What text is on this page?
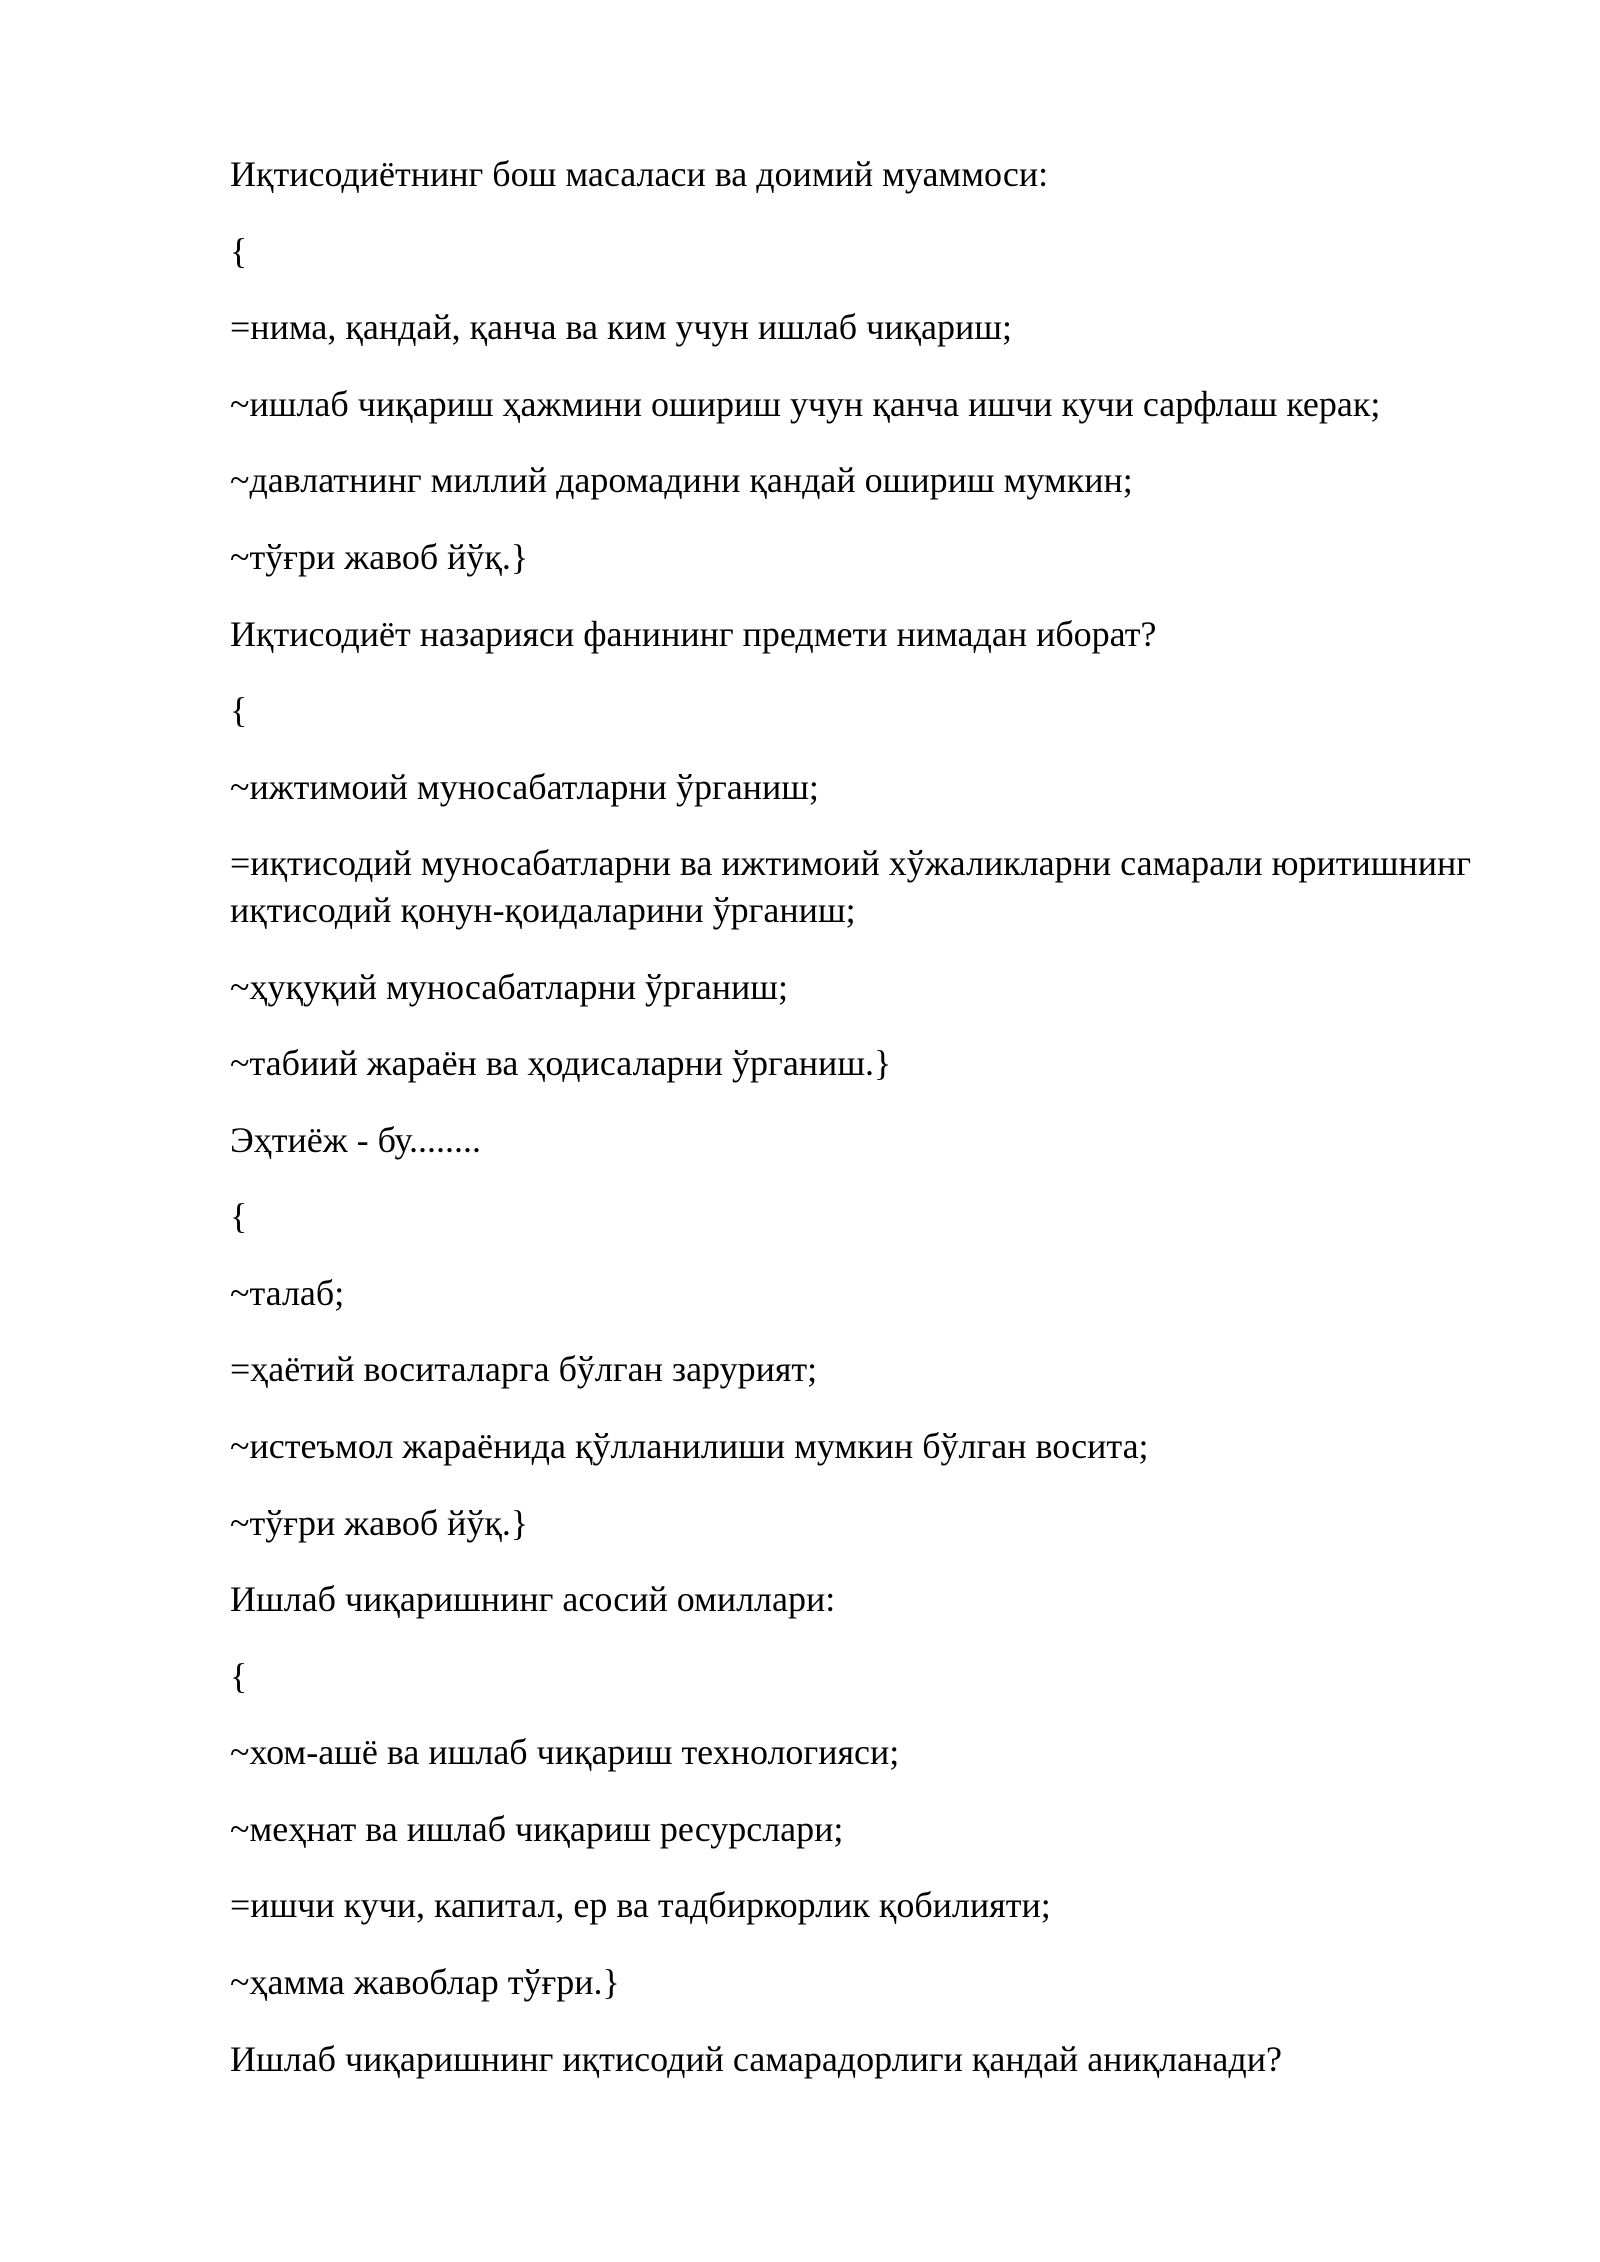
Иқтисодиётнинг бош масаласи ва доимий муаммоси:

{

=нима, қандай, қанча ва ким учун ишлаб чиқариш;

~ишлаб чиқариш ҳажмини ошириш учун қанча ишчи кучи сарфлаш керак;

~давлатнинг миллий даромадини қандай ошириш мумкин;

~тўғри жавоб йўқ.}

Иқтисодиёт назарияси фанининг предмети нимадан иборат?

{

~ижтимоий муносабатларни ўрганиш;

=иқтисодий муносабатларни ва ижтимоий хўжаликларни самарали юритишнинг иқтисодий қонун-қоидаларини ўрганиш;

~ҳуқуқий муносабатларни ўрганиш;

~табиий жараён ва ҳодисаларни ўрганиш.}

Эҳтиёж - бу........

{

~талаб;

=ҳаётий воситаларга бўлган зарурият;

~истеъмол жараёнида қўлланилиши мумкин бўлган восита;

~тўғри жавоб йўқ.}

Ишлаб чиқаришнинг асосий омиллари:

{

~хом-ашё ва ишлаб чиқариш технологияси;

~меҳнат ва ишлаб чиқариш ресурслари;

=ишчи кучи, капитал, ер ва тадбиркорлик қобилияти;

~ҳамма жавоблар тўғри.}

Ишлаб чиқаришнинг иқтисодий самарадорлиги қандай аниқланади?
